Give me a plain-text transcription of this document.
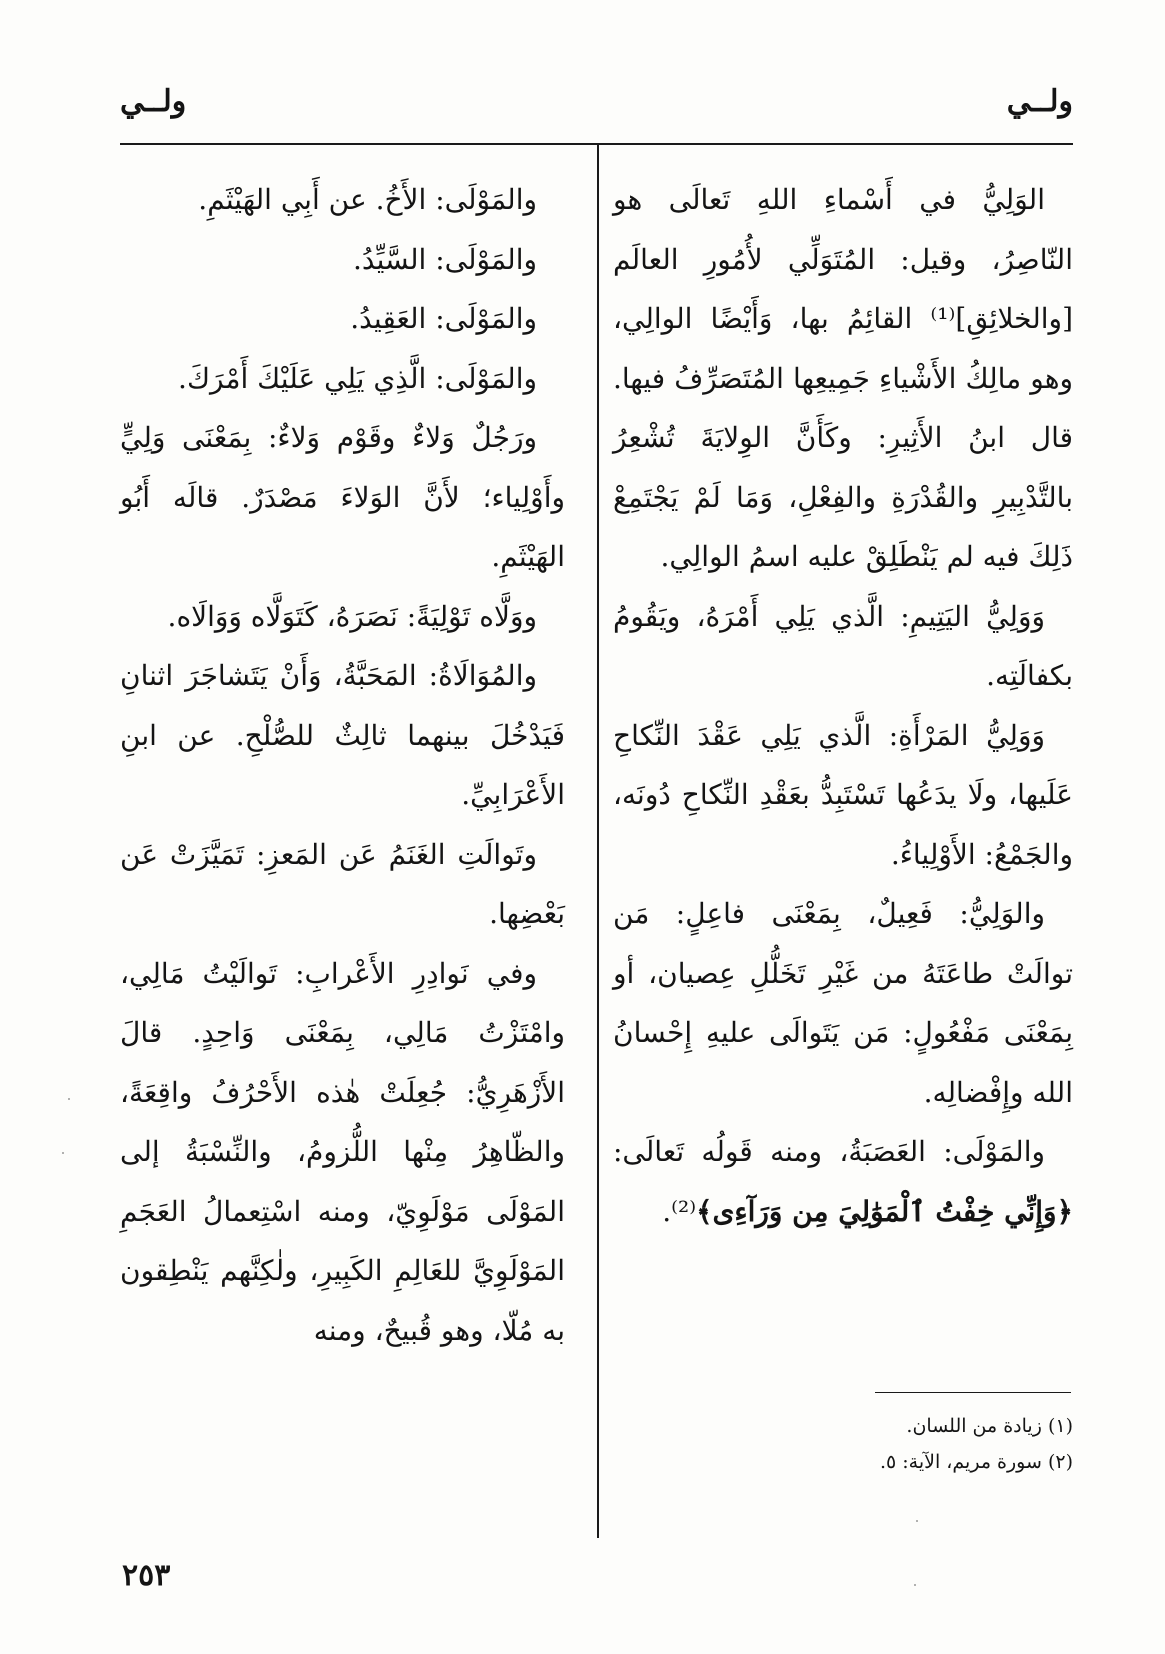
ولــي
ولــي

الوَلِيُّ في أَسْماءِ اللهِ تَعالَى هو النّاصِرُ، وقيل: المُتَوَلِّي لأُمُورِ العالَم [والخلائِقِ]⁽¹⁾ القائِمُ بها، وَأَيْضًا الوالِي، وهو مالِكُ الأَشْياءِ جَمِيعِها المُتَصَرِّفُ فيها. قال ابنُ الأَثِيرِ: وكَأَنَّ الوِلايَةَ تُشْعِرُ بالتَّدْبِيرِ والقُدْرَةِ والفِعْلِ، وَمَا لَمْ يَجْتَمِعْ ذَلِكَ فيه لم يَنْطَلِقْ عليه اسمُ الوالِي.

وَوَلِيُّ اليَتِيمِ: الَّذي يَلِي أَمْرَهُ، ويَقُومُ بكفالَتِه.

وَوَلِيُّ المَرْأَةِ: الَّذي يَلِي عَقْدَ النِّكاحِ عَلَيها، ولَا يدَعُها تَسْتَبِدُّ بعَقْدِ النِّكاحِ دُونَه، والجَمْعُ: الأَوْلِياءُ.

والوَلِيُّ: فَعِيلٌ، بِمَعْنَى فاعِلٍ: مَن توالَتْ طاعَتَهُ من غَيْرِ تَخَلُّلِ عِصيان، أو بِمَعْنَى مَفْعُولٍ: مَن يَتَوالَى عليهِ إِحْسانُ الله وإِفْضالِه.

والمَوْلَى: العَصَبَةُ، ومنه قَولُه تَعالَى: ﴿وَإِنِّي خِفْتُ ٱلْمَوَٰلِيَ مِن وَرَآءِى﴾⁽²⁾.

والمَوْلَى: الأَخُ. عن أَبِي الهَيْثَمِ.

والمَوْلَى: السَّيِّدُ.

والمَوْلَى: العَقِيدُ.

والمَوْلَى: الَّذِي يَلِي عَلَيْكَ أَمْرَكَ.

ورَجُلٌ وَلاءٌ وقَوْم وَلاءٌ: بِمَعْنَى وَلِيٍّ وأَوْلِياء؛ لأَنَّ الوَلاءَ مَصْدَرٌ. قالَه أَبُو الهَيْثَمِ.

ووَلَّاه تَوْلِيَةً: نَصَرَهُ، كَتَوَلَّاه وَوَالَاه.

والمُوَالَاةُ: المَحَبَّةُ، وَأَنْ يَتَشاجَرَ اثنانِ فَيَدْخُلَ بينهما ثالِثٌ للصُّلْحِ. عن ابنِ الأَعْرَابِيِّ.

وتَوالَتِ الغَنَمُ عَن المَعزِ: تَمَيَّزَتْ عَن بَعْضِها.

وفي نَوادِرِ الأَعْرابِ: تَوالَيْتُ مَالِي، وامْتَزْتُ مَالِي، بِمَعْنَى وَاحِدٍ. قالَ الأَزْهَرِيُّ: جُعِلَتْ هٰذه الأَحْرُفُ واقِعَةً، والظّاهِرُ مِنْها اللُّزومُ، والنِّسْبَةُ إلى المَوْلَى مَوْلَوِيّ، ومنه اسْتِعمالُ العَجَمِ المَوْلَوِيَّ للعَالِمِ الكَبِيرِ، ولٰكِنَّهم يَنْطِقون به مُلّا، وهو قُبيحٌ، ومنه

(١) زيادة من اللسان.
(٢) سورة مريم، الآية: ٥.
٢٥٣
